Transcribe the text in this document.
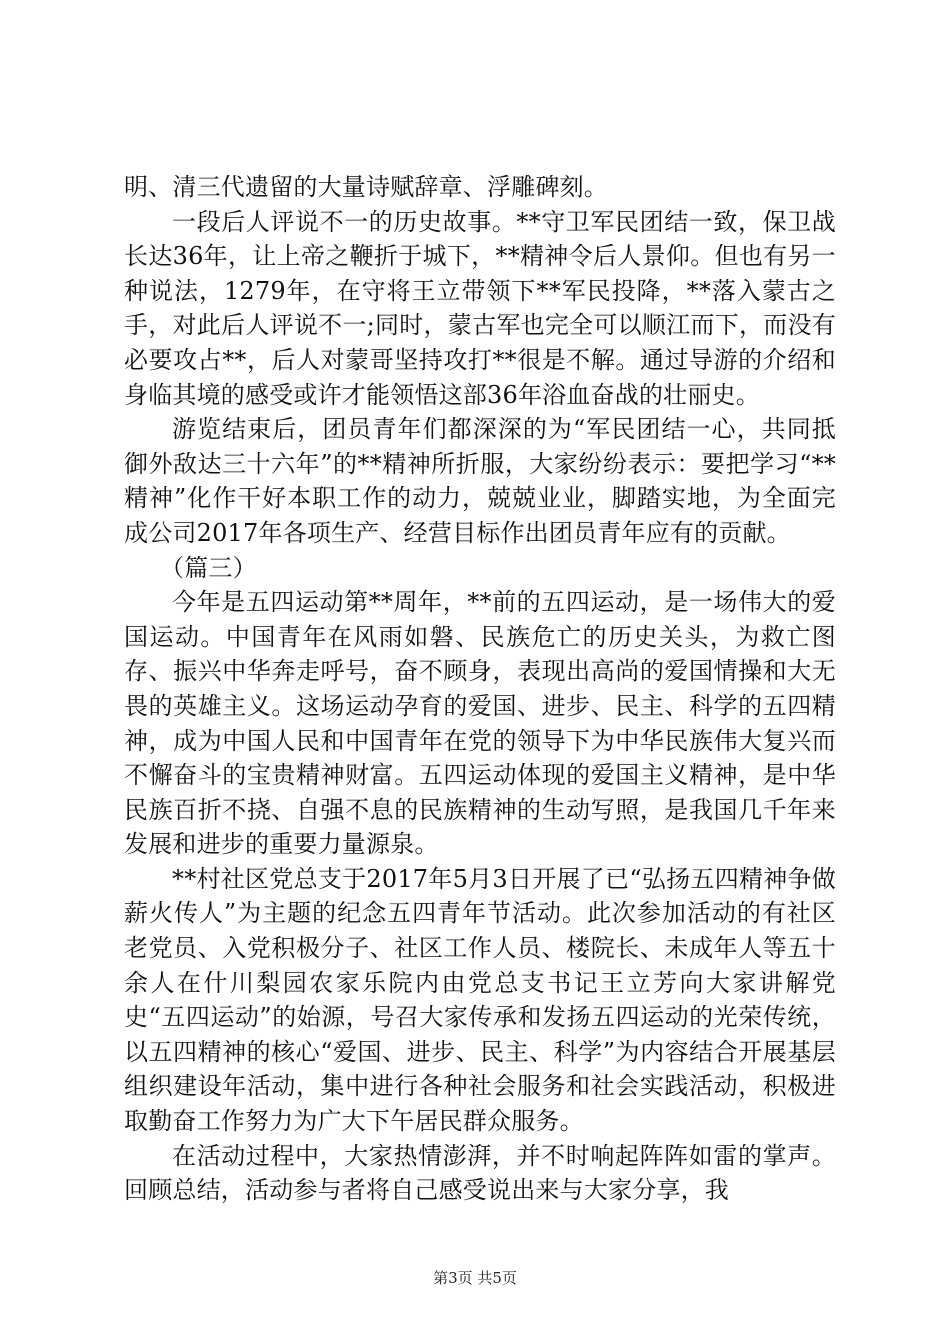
明、清三代遗留的大量诗赋辞章、浮雕碑刻。

一段后人评说不一的历史故事。**守卫军民团结一致，保卫战长达36年，让上帝之鞭折于城下，**精神令后人景仰。但也有另一种说法，1279年，在守将王立带领下**军民投降，**落入蒙古之手，对此后人评说不一;同时，蒙古军也完全可以顺江而下，而没有必要攻占**，后人对蒙哥坚持攻打**很是不解。通过导游的介绍和身临其境的感受或许才能领悟这部36年浴血奋战的壮丽史。

游览结束后，团员青年们都深深的为“军民团结一心，共同抵御外敌达三十六年”的**精神所折服，大家纷纷表示：要把学习“**精神”化作干好本职工作的动力，兢兢业业，脚踏实地，为全面完成公司2017年各项生产、经营目标作出团员青年应有的贡献。

（篇三）

今年是五四运动第**周年，**前的五四运动，是一场伟大的爱国运动。中国青年在风雨如磐、民族危亡的历史关头，为救亡图存、振兴中华奔走呼号，奋不顾身，表现出高尚的爱国情操和大无畏的英雄主义。这场运动孕育的爱国、进步、民主、科学的五四精神，成为中国人民和中国青年在党的领导下为中华民族伟大复兴而不懈奋斗的宝贵精神财富。五四运动体现的爱国主义精神，是中华民族百折不挠、自强不息的民族精神的生动写照，是我国几千年来发展和进步的重要力量源泉。

**村社区党总支于2017年5月3日开展了已“弘扬五四精神争做薪火传人”为主题的纪念五四青年节活动。此次参加活动的有社区老党员、入党积极分子、社区工作人员、楼院长、未成年人等五十余人在什川梨园农家乐院内由党总支书记王立芳向大家讲解党史“五四运动”的始源，号召大家传承和发扬五四运动的光荣传统，以五四精神的核心“爱国、进步、民主、科学”为内容结合开展基层组织建设年活动，集中进行各种社会服务和社会实践活动，积极进取勤奋工作努力为广大下午居民群众服务。

在活动过程中，大家热情澎湃，并不时响起阵阵如雷的掌声。回顾总结，活动参与者将自己感受说出来与大家分享，我

第3页 共5页
